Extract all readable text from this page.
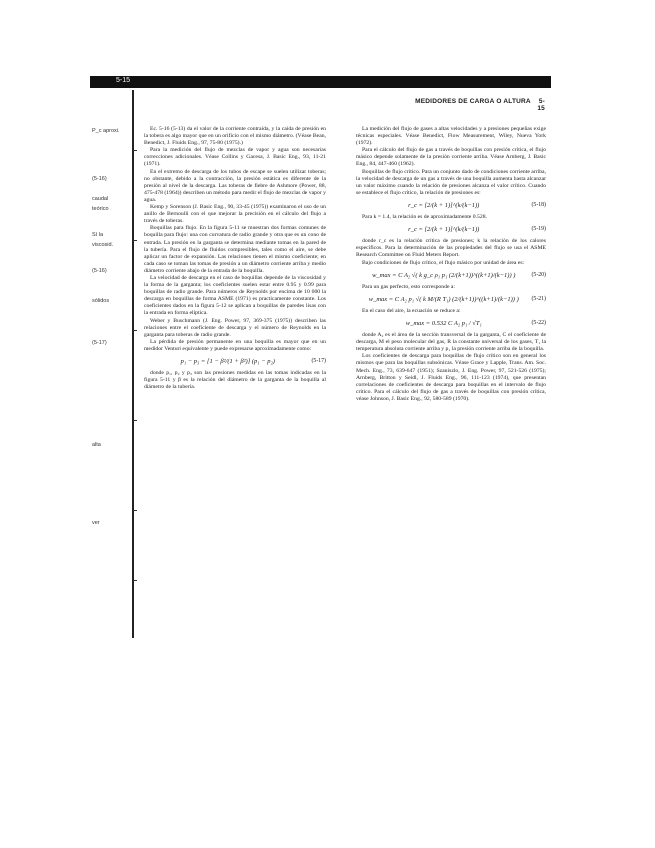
5-15
MEDIDORES DE CARGA O ALTURA 5-15
P_c aproxi.
(5-16)
caudal
teórico
Sí la
viscosid.
(5-16)
sólidos
(5-17)
alta
ver

Ec. 5-16 (5-13) da el valor de la corriente contraída, y la caída de presión en la tobera es algo mayor que en un orificio con el mismo diámetro. (Véase Bean, Benedict, J. Fluids Eng., 97, 75-80 (1975).)

Para la medición del flujo de mezclas de vapor y agua son necesarias correcciones adicionales. Véase Collins y Gacesa, J. Basic Eng., 93, 11-21 (1971).

En el extremo de descarga de los tubos de escape se suelen utilizar toberas; no obstante, debido a la contracción, la presión estática es diferente de la presión al nivel de la descarga. Las toberas de fiebre de Ashmore (Power, 88, 475-478 (1964)) describen un método para medir el flujo de mezclas de vapor y agua.

Kemp y Sorenson (J. Basic Eng., 90, 33-45 (1975)) examinaron el uso de un anillo de Bernoulli con el que mejorar la precisión en el cálculo del flujo a través de toberas.

Boquillas para flujo. En la figura 5-11 se muestran dos formas comunes de boquilla para flujo: una con curvatura de radio grande y otra que es un cono de entrada. La presión en la garganta se determina mediante tomas en la pared de la tubería. Para el flujo de fluidos compresibles, tales como el aire, se debe aplicar un factor de expansión. Las relaciones tienen el mismo coeficiente; en cada caso se toman las tomas de presión a un diámetro corriente arriba y medio diámetro corriente abajo de la entrada de la boquilla.

La velocidad de descarga en el caso de boquillas depende de la viscosidad y la forma de la garganta; los coeficientes suelen estar entre 0.95 y 0.99 para boquillas de radio grande. Para números de Reynolds por encima de 10 000 la descarga en boquillas de forma ASME (1971) es practicamente constante. Los coeficientes dados en la figura 5-12 se aplican a boquillas de paredes lisas con la entrada en forma elíptica.

Weber y Buschmann (J. Eng. Power, 97, 369-375 (1975)) describen las relaciones entre el coeficiente de descarga y el número de Reynolds en la garganta para toberas de radio grande.

La pérdida de presión permanente en una boquilla es mayor que en un medidor Venturi equivalente y puede expresarse aproximadamente como:

p₁ − p₃ = [1 − β²/(1 + β²)] (p₁ − p₂)	(5-17)

donde p₁, p₂ y p₃ son las presiones medidas en las tomas indicadas en la figura 5-11 y β es la relación del diámetro de la garganta de la boquilla al diámetro de la tubería.

La medición del flujo de gases a altas velocidades y a presiones pequeñas exige técnicas especiales. Véase Benedict, Flow Measurement, Wiley, Nueva York (1972).

Para el cálculo del flujo de gas a través de boquillas con presión crítica, el flujo másico depende solamente de la presión corriente arriba. Véase Arnberg, J. Basic Eng., 84, 447-460 (1962).

Boquillas de flujo crítico. Para un conjunto dado de condiciones corriente arriba, la velocidad de descarga de un gas a través de una boquilla aumenta hasta alcanzar un valor máximo cuando la relación de presiones alcanza el valor crítico. Cuando se establece el flujo crítico, la relación de presiones es:

r_c = [2/(k + 1)]^(k/(k−1))	(5-18)

Para k = 1.4, la relación es de aproximadamente 0.528.

r_c = [2/(k + 1)]^(k/(k−1))	(5-19)

donde r_c es la relación crítica de presiones; k la relación de los calores específicos. Para la determinación de las propiedades del flujo se usa el ASME Research Committee on Fluid Meters Report.

Bajo condiciones de flujo crítico, el flujo másico por unidad de área es:

w_max = C A₂ √( k g_c ρ₁ p₁ (2/(k+1))^((k+1)/(k−1)) )	(5-20)

Para un gas perfecto, esto corresponde a:

w_max = C A₂ p₁ √( k M/(R T₁) (2/(k+1))^((k+1)/(k−1)) )	(5-21)

En el caso del aire, la ecuación se reduce a:

w_max = 0.532 C A₂ p₁ / √T₁	(5-22)

donde A₂ es el área de la sección transversal de la garganta, C el coeficiente de descarga, M el peso molecular del gas, R la constante universal de los gases, T₁ la temperatura absoluta corriente arriba y p₁ la presión corriente arriba de la boquilla.

Los coeficientes de descarga para boquillas de flujo crítico son en general los mismos que para las boquillas subsónicas. Véase Grace y Lapple, Trans. Am. Soc. Mech. Eng., 73, 639-647 (1951); Szaniszlo, J. Eng. Power, 97, 521-526 (1975); Arnberg, Britton y Seidl, J. Fluids Eng., 96, 111-123 (1974), que presentan correlaciones de coeficientes de descarga para boquillas en el intervalo de flujo crítico. Para el cálculo del flujo de gas a través de boquillas con presión crítica, véase Johnson, J. Basic Eng., 92, 580-589 (1970).
